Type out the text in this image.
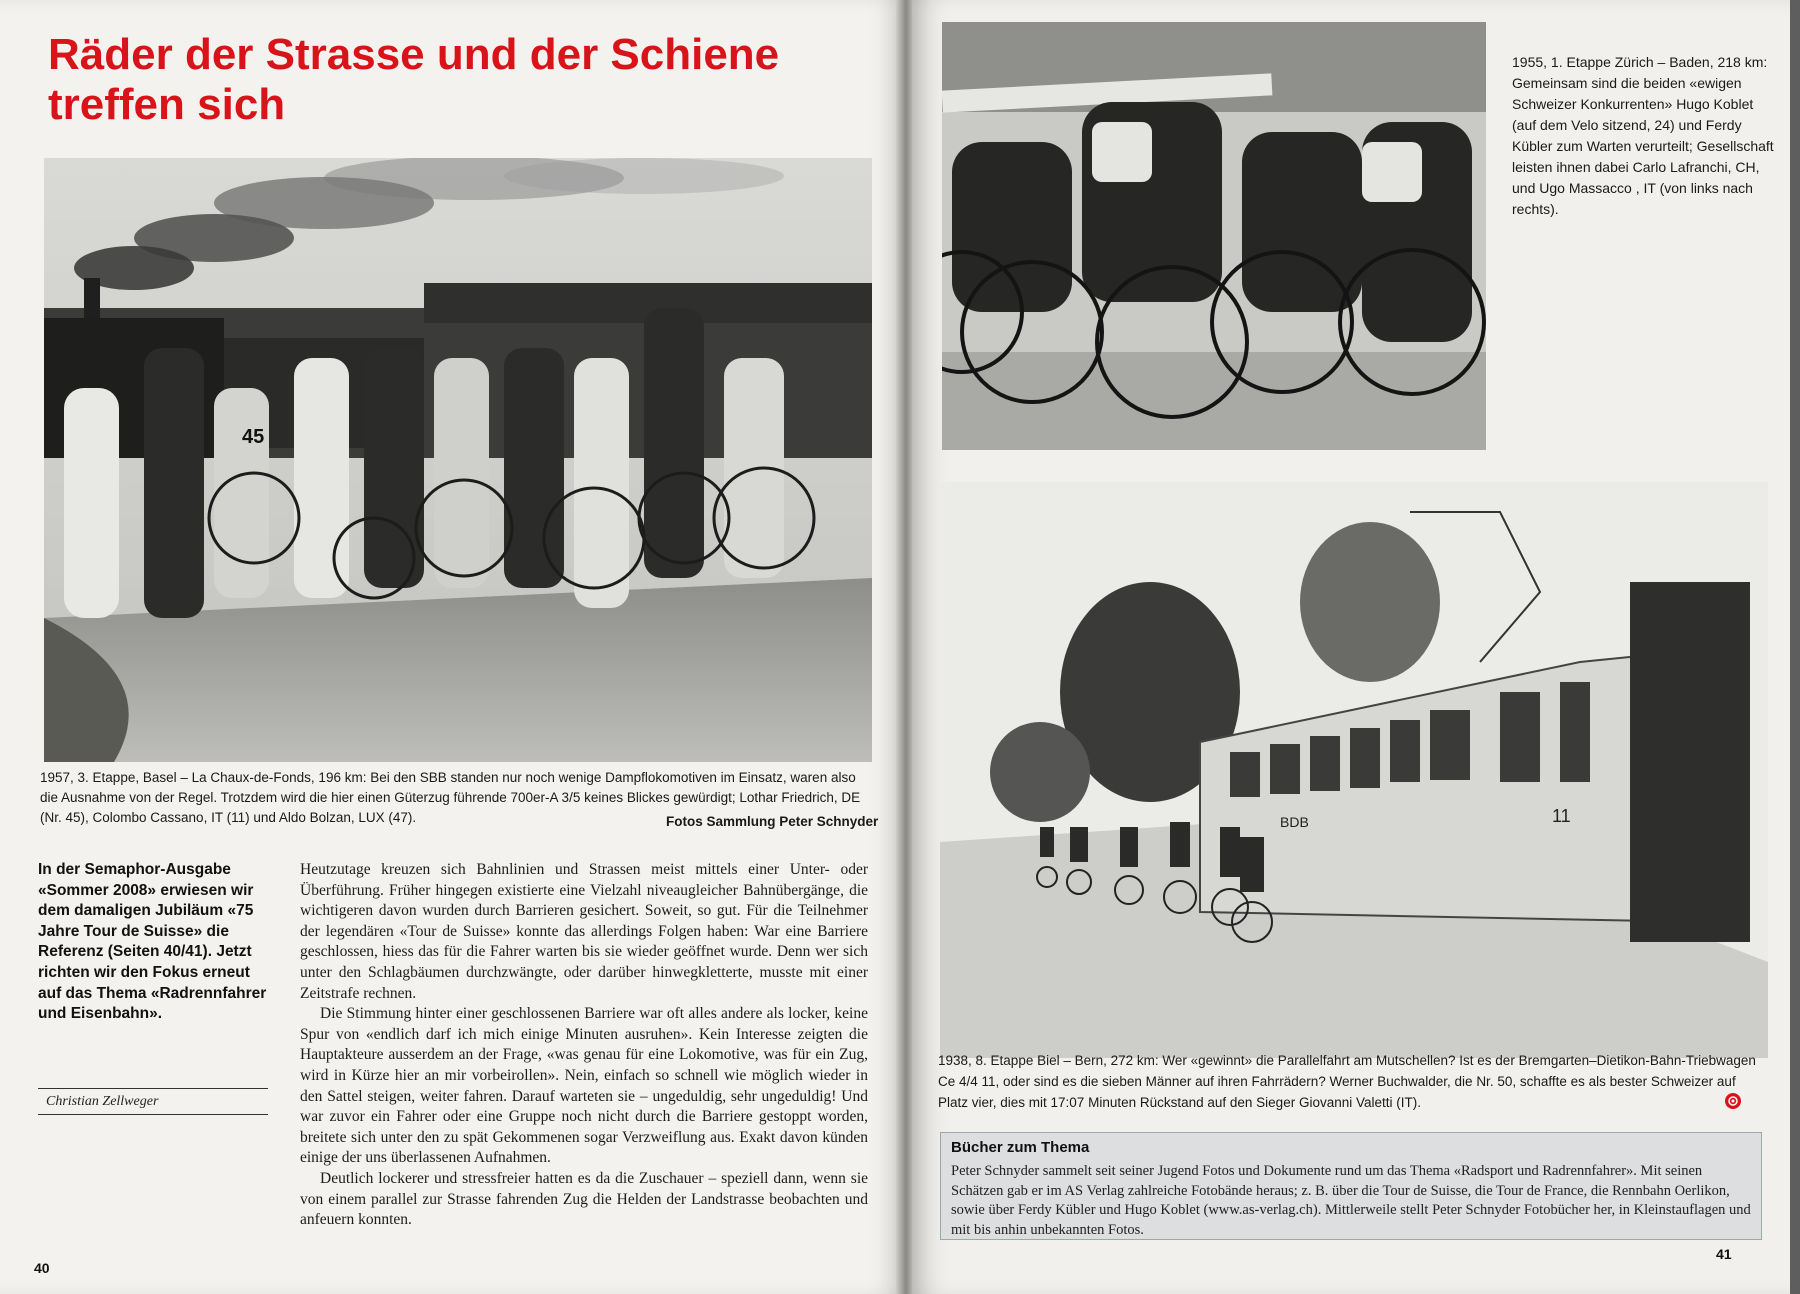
Räder der Strasse und der Schiene
treffen sich
45

1957, 3. Etappe, Basel – La Chaux-de-Fonds, 196 km: Bei den SBB standen nur noch wenige Dampflokomotiven im Einsatz, waren also die Ausnahme von der Regel. Trotzdem wird die hier einen Güterzug führende 700er-A 3/5 keines Blickes gewürdigt; Lothar Friedrich, DE (Nr. 45), Colombo Cassano, IT (11) und Aldo Bolzan, LUX (47).	Fotos Sammlung Peter Schnyder

In der Semaphor-Ausgabe «Sommer 2008» erwiesen wir dem damaligen Jubiläum «75 Jahre Tour de Suisse» die Referenz (Seiten 40/41). Jetzt richten wir den Fokus erneut auf das Thema «Radrennfahrer und Eisenbahn».

Christian Zellweger

Heutzutage kreuzen sich Bahnlinien und Strassen meist mittels einer Unter- oder Überführung. Früher hingegen existierte eine Vielzahl niveaugleicher Bahnübergänge, die wichtigeren davon wurden durch Barrieren gesichert. Soweit, so gut. Für die Teilnehmer der legendären «Tour de Suisse» konnte das allerdings Folgen haben: War eine Barriere geschlossen, hiess das für die Fahrer warten bis sie wieder geöffnet wurde. Denn wer sich unter den Schlagbäumen durchzwängte, oder darüber hinwegkletterte, musste mit einer Zeitstrafe rechnen.

Die Stimmung hinter einer geschlossenen Barriere war oft alles andere als locker, keine Spur von «endlich darf ich mich einige Minuten ausruhen». Kein Interesse zeigten die Hauptakteure ausserdem an der Frage, «was genau für eine Lokomotive, was für ein Zug, wird in Kürze hier an mir vorbeirollen». Nein, einfach so schnell wie möglich wieder in den Sattel steigen, weiter fahren. Darauf warteten sie – ungeduldig, sehr ungeduldig! Und war zuvor ein Fahrer oder eine Gruppe noch nicht durch die Barriere gestoppt worden, breitete sich unter den zu spät Gekommenen sogar Verzweiflung aus. Exakt davon künden einige der uns überlassenen Aufnahmen.

Deutlich lockerer und stressfreier hatten es da die Zuschauer – speziell dann, wenn sie von einem parallel zur Strasse fahrenden Zug die Helden der Landstrasse beobachten und anfeuern konnten.

40

1955, 1. Etappe Zürich – Baden, 218 km: Gemeinsam sind die beiden «ewigen Schweizer Konkurrenten» Hugo Koblet (auf dem Velo sitzend, 24) und Ferdy Kübler zum Warten verurteilt; Gesellschaft leisten ihnen dabei Carlo Lafranchi, CH, und Ugo Massacco , IT (von links nach rechts).

11
BDB

1938, 8. Etappe Biel – Bern, 272 km: Wer «gewinnt» die Parallelfahrt am Mutschellen? Ist es der Bremgarten–Dietikon-Bahn-Triebwagen Ce 4/4 11, oder sind es die sieben Männer auf ihren Fahrrädern? Werner Buchwalder, die Nr. 50, schaffte es als bester Schweizer auf Platz vier, dies mit 17:07 Minuten Rückstand auf den Sieger Giovanni Valetti (IT).

Bücher zum Thema

Peter Schnyder sammelt seit seiner Jugend Fotos und Dokumente rund um das Thema «Radsport und Radrennfahrer». Mit seinen Schätzen gab er im AS Verlag zahlreiche Fotobände heraus; z. B. über die Tour de Suisse, die Tour de France, die Rennbahn Oerlikon, sowie über Ferdy Kübler und Hugo Koblet (www.as-verlag.ch). Mittlerweile stellt Peter Schnyder Fotobücher her, in Kleinstauflagen und mit bis anhin unbekannten Fotos.

41
